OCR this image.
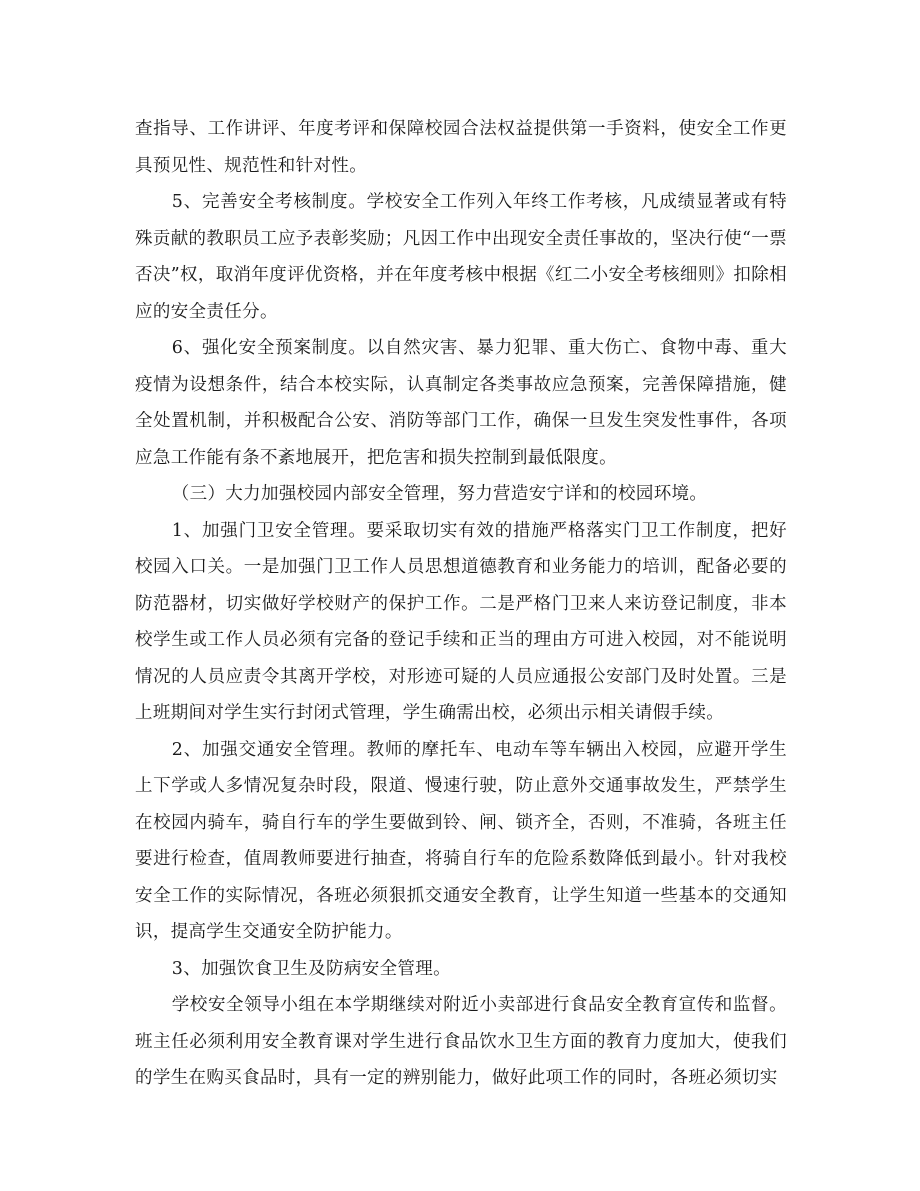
查指导、工作讲评、年度考评和保障校园合法权益提供第一手资料，使安全工作更具预见性、规范性和针对性。

5、完善安全考核制度。学校安全工作列入年终工作考核，凡成绩显著或有特殊贡献的教职员工应予表彰奖励；凡因工作中出现安全责任事故的，坚决行使“一票否决”权，取消年度评优资格，并在年度考核中根据《红二小安全考核细则》扣除相应的安全责任分。

6、强化安全预案制度。以自然灾害、暴力犯罪、重大伤亡、食物中毒、重大疫情为设想条件，结合本校实际，认真制定各类事故应急预案，完善保障措施，健全处置机制，并积极配合公安、消防等部门工作，确保一旦发生突发性事件，各项应急工作能有条不紊地展开，把危害和损失控制到最低限度。

（三）大力加强校园内部安全管理，努力营造安宁详和的校园环境。

1、加强门卫安全管理。要采取切实有效的措施严格落实门卫工作制度，把好校园入口关。一是加强门卫工作人员思想道德教育和业务能力的培训，配备必要的防范器材，切实做好学校财产的保护工作。二是严格门卫来人来访登记制度，非本校学生或工作人员必须有完备的登记手续和正当的理由方可进入校园，对不能说明情况的人员应责令其离开学校，对形迹可疑的人员应通报公安部门及时处置。三是上班期间对学生实行封闭式管理，学生确需出校，必须出示相关请假手续。

2、加强交通安全管理。教师的摩托车、电动车等车辆出入校园，应避开学生上下学或人多情况复杂时段，限道、慢速行驶，防止意外交通事故发生，严禁学生在校园内骑车，骑自行车的学生要做到铃、闸、锁齐全，否则，不准骑，各班主任要进行检查，值周教师要进行抽查，将骑自行车的危险系数降低到最小。针对我校安全工作的实际情况，各班必须狠抓交通安全教育，让学生知道一些基本的交通知识，提高学生交通安全防护能力。

3、加强饮食卫生及防病安全管理。

学校安全领导小组在本学期继续对附近小卖部进行食品安全教育宣传和监督。班主任必须利用安全教育课对学生进行食品饮水卫生方面的教育力度加大，使我们的学生在购买食品时，具有一定的辨别能力，做好此项工作的同时，各班必须切实
